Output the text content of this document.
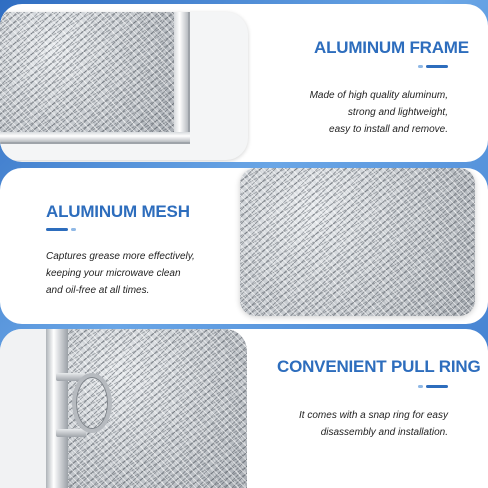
ALUMINUM FRAME
Made of high quality aluminum,
strong and lightweight,
easy to install and remove.
ALUMINUM MESH
Captures grease more effectively,
keeping your microwave clean
and oil-free at all times.
CONVENIENT PULL RING
It comes with a snap ring for easy
disassembly and installation.
